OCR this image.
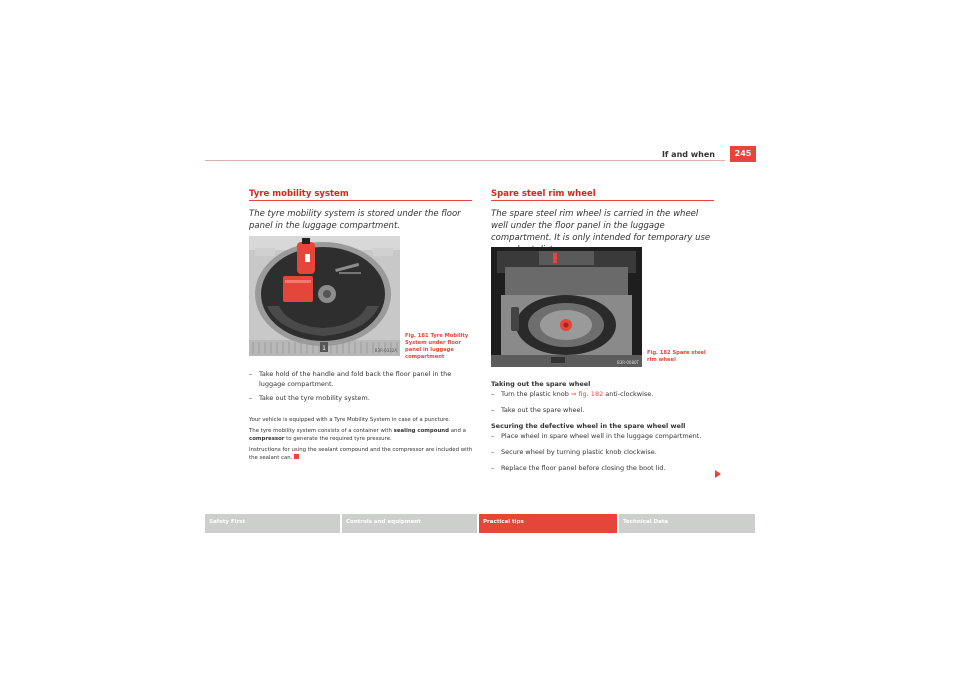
If and when	245
Tyre mobility system
The tyre mobility system is stored under the floor panel in the luggage compartment.
1	B3R-0332A
Fig. 181 Tyre Mobility System under floor panel in luggage compartment
– Take hold of the handle and fold back the floor panel in the luggage compartment.
– Take out the tyre mobility system.
Your vehicle is equipped with a Tyre Mobility System in case of a puncture.
The tyre mobility system consists of a container with sealing compound and a compressor to generate the required tyre pressure.
Instructions for using the sealant compound and the compressor are included with the sealant can.
Spare steel rim wheel
The spare steel rim wheel is carried in the wheel well under the floor panel in the luggage compartment. It is only intended for temporary use
B3R-0080T
Fig. 182 Spare steel rim wheel
Taking out the spare wheel
– Turn the plastic knob ⇒ fig. 182 anti-clockwise.
– Take out the spare wheel.
Securing the defective wheel in the spare wheel well
– Place wheel in spare wheel well in the luggage compartment.
– Secure wheel by turning plastic knob clockwise.
– Replace the floor panel before closing the boot lid.
Safety First	Controls and equipment	Practical tips	Technical Data
